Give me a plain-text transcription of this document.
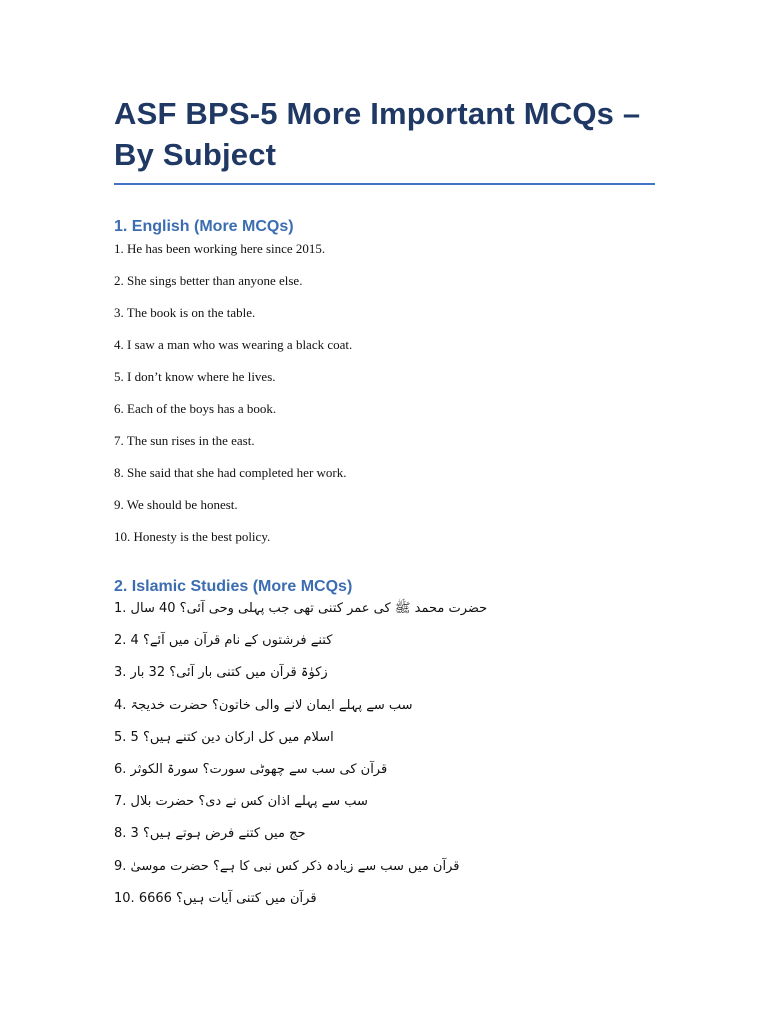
ASF BPS-5 More Important MCQs – By Subject
1. English (More MCQs)
1. He has been working here since 2015.
2. She sings better than anyone else.
3. The book is on the table.
4. I saw a man who was wearing a black coat.
5. I don’t know where he lives.
6. Each of the boys has a book.
7. The sun rises in the east.
8. She said that she had completed her work.
9. We should be honest.
10. Honesty is the best policy.
2. Islamic Studies (More MCQs)
1. حضرت محمد ﷺ کی عمر کتنی تھی جب پہلی وحی آئی؟ 40 سال
2. کتنے فرشتوں کے نام قرآن میں آئے؟ 4
3. زکوٰۃ قرآن میں کتنی بار آئی؟ 32 بار
4. سب سے پہلے ایمان لانے والی خاتون؟ حضرت خدیجۃ
5. اسلام میں کل ارکان دین کتنے ہیں؟ 5
6. قرآن کی سب سے چھوٹی سورت؟ سورۃ الکوثر
7. سب سے پہلے اذان کس نے دی؟ حضرت بلال
8. حج میں کتنے فرض ہوتے ہیں؟ 3
9. قرآن میں سب سے زیادہ ذکر کس نبی کا ہے؟ حضرت موسیٰ
10. قرآن میں کتنی آیات ہیں؟ 6666
